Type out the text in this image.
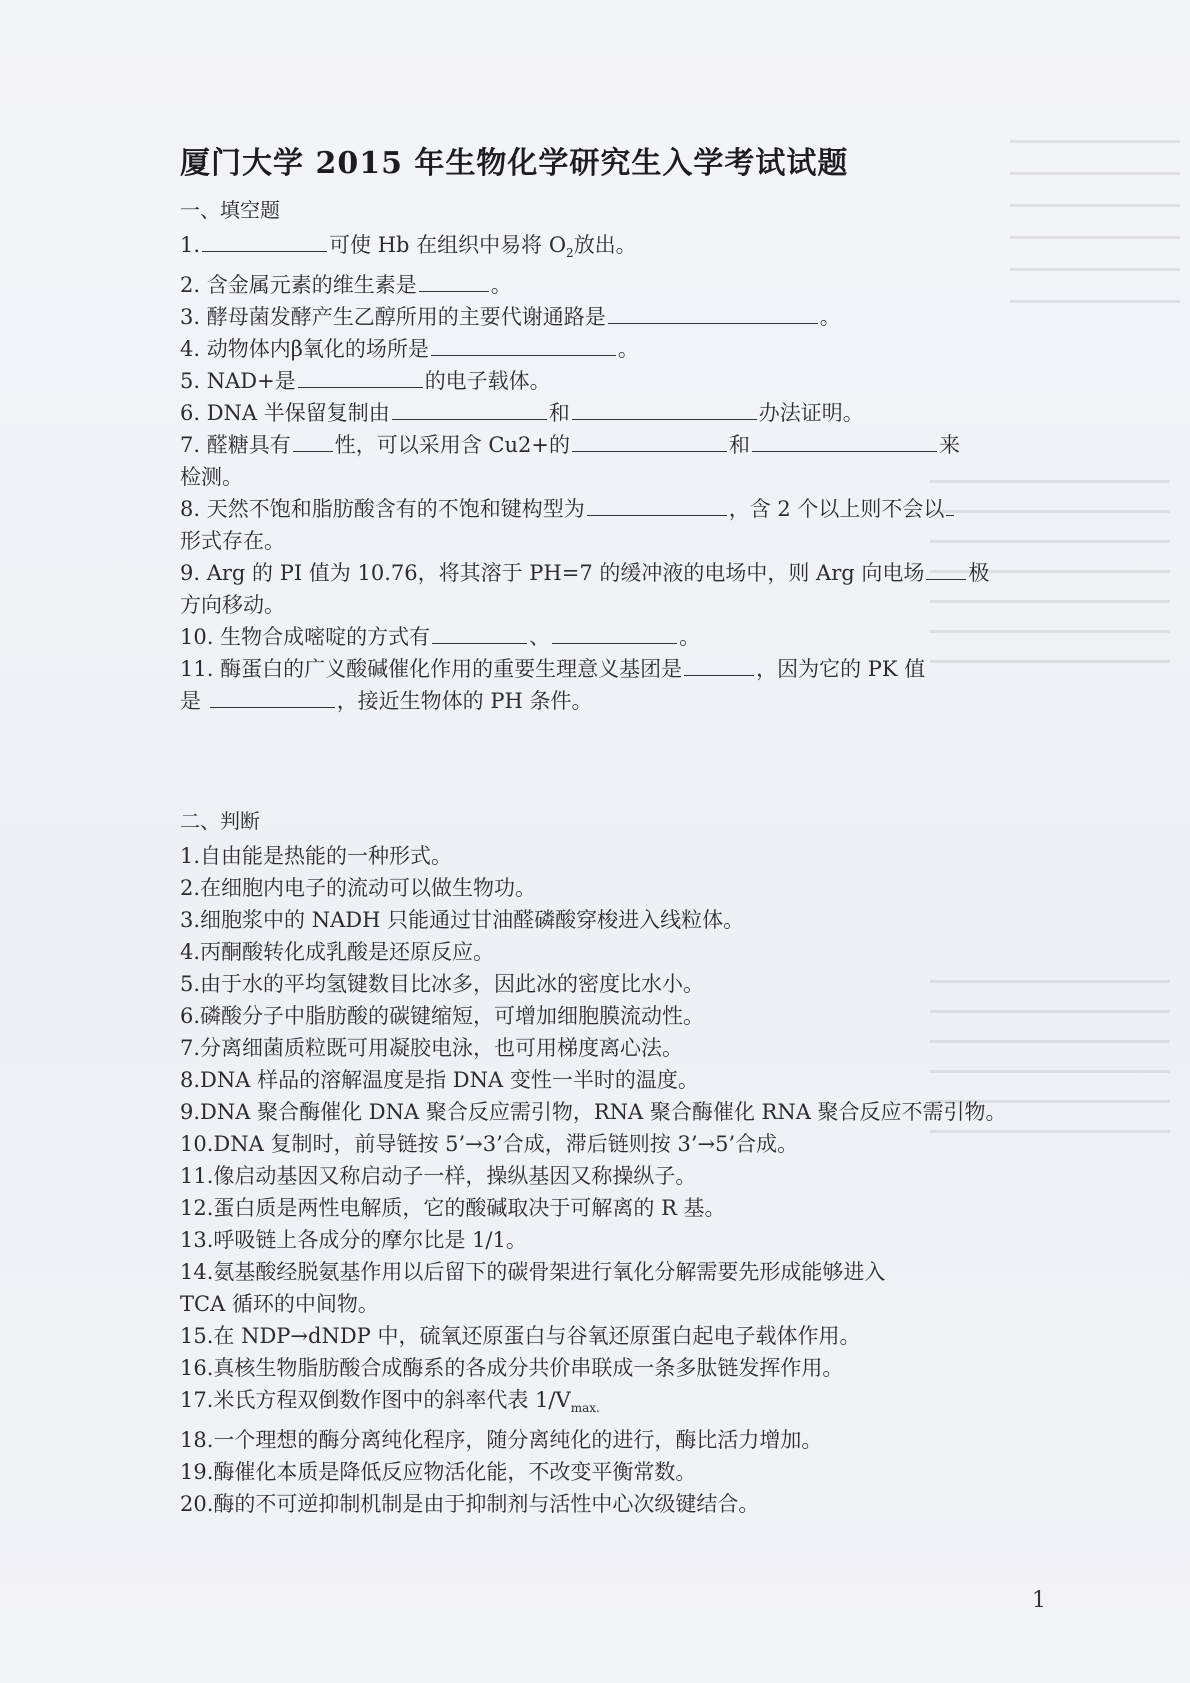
厦门大学 2015 年生物化学研究生入学考试试题
一、填空题
1.	可使 Hb 在组织中易将 $O_2$放出。
2. 含金属元素的维生素是	。
3. 酵母菌发酵产生乙醇所用的主要代谢通路是	。
4. 动物体内β氧化的场所是	。
5. NAD+是	的电子载体。
6. DNA 半保留复制由	和	办法证明。
7. 醛糖具有 性，可以采用含 Cu2+的	和	来
检测。
8. 天然不饱和脂肪酸含有的不饱和键构型为	，含 2 个以上则不会以
形式存在。
9. Arg 的 PI 值为 10.76，将其溶于 PH=7 的缓冲液的电场中，则 Arg 向电场 极
方向移动。
10. 生物合成嘧啶的方式有	、	。
11. 酶蛋白的广义酸碱催化作用的重要生理意义基团是	，因为它的 PK 值
是	，接近生物体的 PH 条件。
二、判断
1.自由能是热能的一种形式。
2.在细胞内电子的流动可以做生物功。
3.细胞浆中的 NADH 只能通过甘油醛磷酸穿梭进入线粒体。
4.丙酮酸转化成乳酸是还原反应。
5.由于水的平均氢键数目比冰多，因此冰的密度比水小。
6.磷酸分子中脂肪酸的碳键缩短，可增加细胞膜流动性。
7.分离细菌质粒既可用凝胶电泳，也可用梯度离心法。
8.DNA 样品的溶解温度是指 DNA 变性一半时的温度。
9.DNA 聚合酶催化 DNA 聚合反应需引物，RNA 聚合酶催化 RNA 聚合反应不需引物。
10.DNA 复制时，前导链按 5’→3’合成，滞后链则按 3’→5’合成。
11.像启动基因又称启动子一样，操纵基因又称操纵子。
12.蛋白质是两性电解质，它的酸碱取决于可解离的 R 基。
13.呼吸链上各成分的摩尔比是 1/1。
14.氨基酸经脱氨基作用以后留下的碳骨架进行氧化分解需要先形成能够进入
TCA 循环的中间物。
15.在 NDP→dNDP 中，硫氧还原蛋白与谷氧还原蛋白起电子载体作用。
16.真核生物脂肪酸合成酶系的各成分共价串联成一条多肽链发挥作用。
17.米氏方程双倒数作图中的斜率代表 $1/V_{max.}$
18.一个理想的酶分离纯化程序，随分离纯化的进行，酶比活力增加。
19.酶催化本质是降低反应物活化能，不改变平衡常数。
20.酶的不可逆抑制机制是由于抑制剂与活性中心次级键结合。
1
